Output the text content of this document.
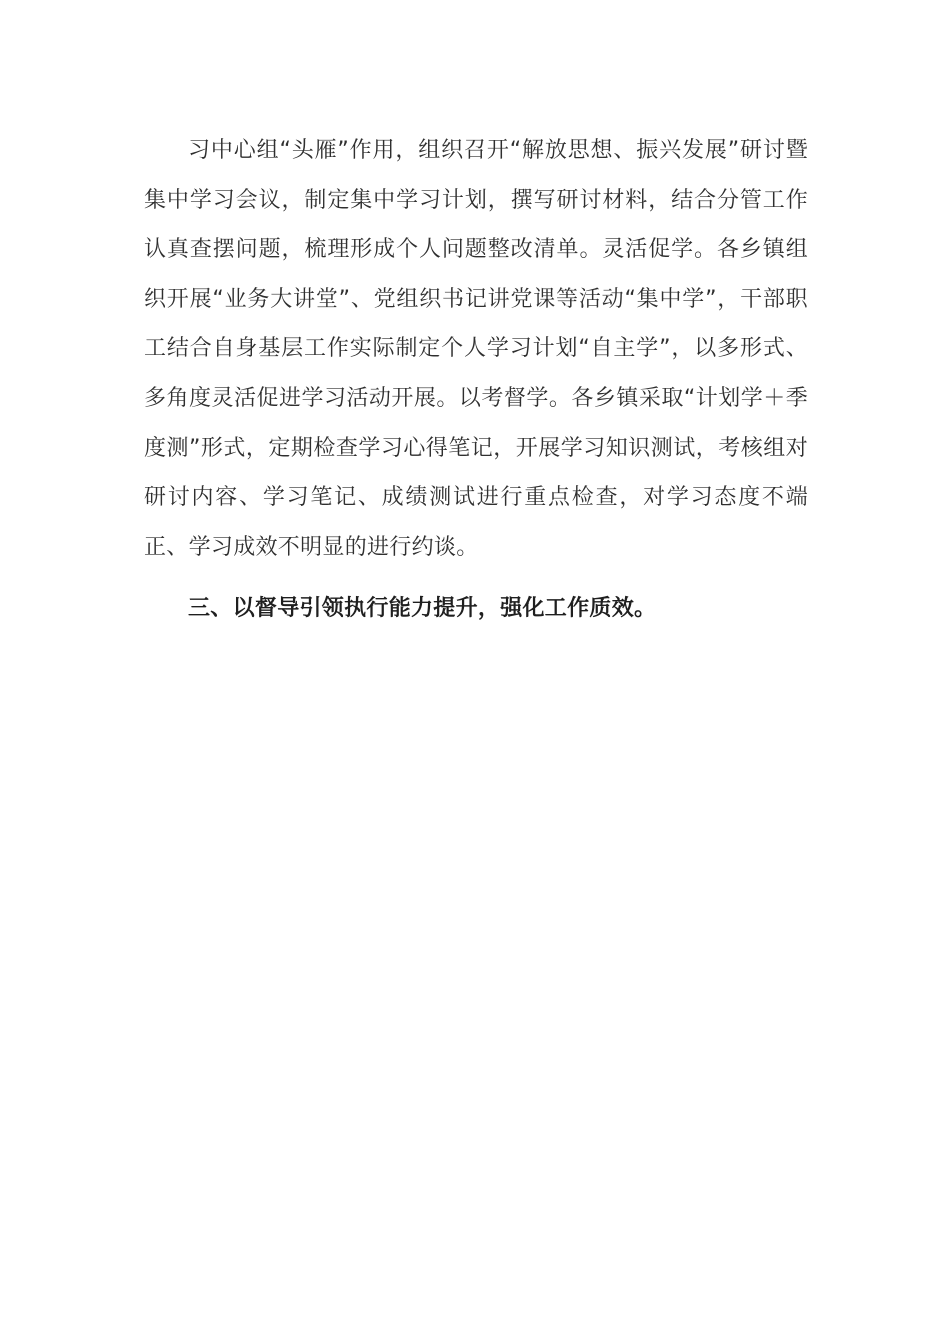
习中心组“头雁”作用，组织召开“解放思想、振兴发展”研讨暨集中学习会议，制定集中学习计划，撰写研讨材料，结合分管工作认真查摆问题，梳理形成个人问题整改清单。灵活促学。各乡镇组织开展“业务大讲堂”、党组织书记讲党课等活动“集中学”，干部职工结合自身基层工作实际制定个人学习计划“自主学”，以多形式、多角度灵活促进学习活动开展。以考督学。各乡镇采取“计划学＋季度测”形式，定期检查学习心得笔记，开展学习知识测试，考核组对研讨内容、学习笔记、成绩测试进行重点检查，对学习态度不端正、学习成效不明显的进行约谈。

三、以督导引领执行能力提升，强化工作质效。
